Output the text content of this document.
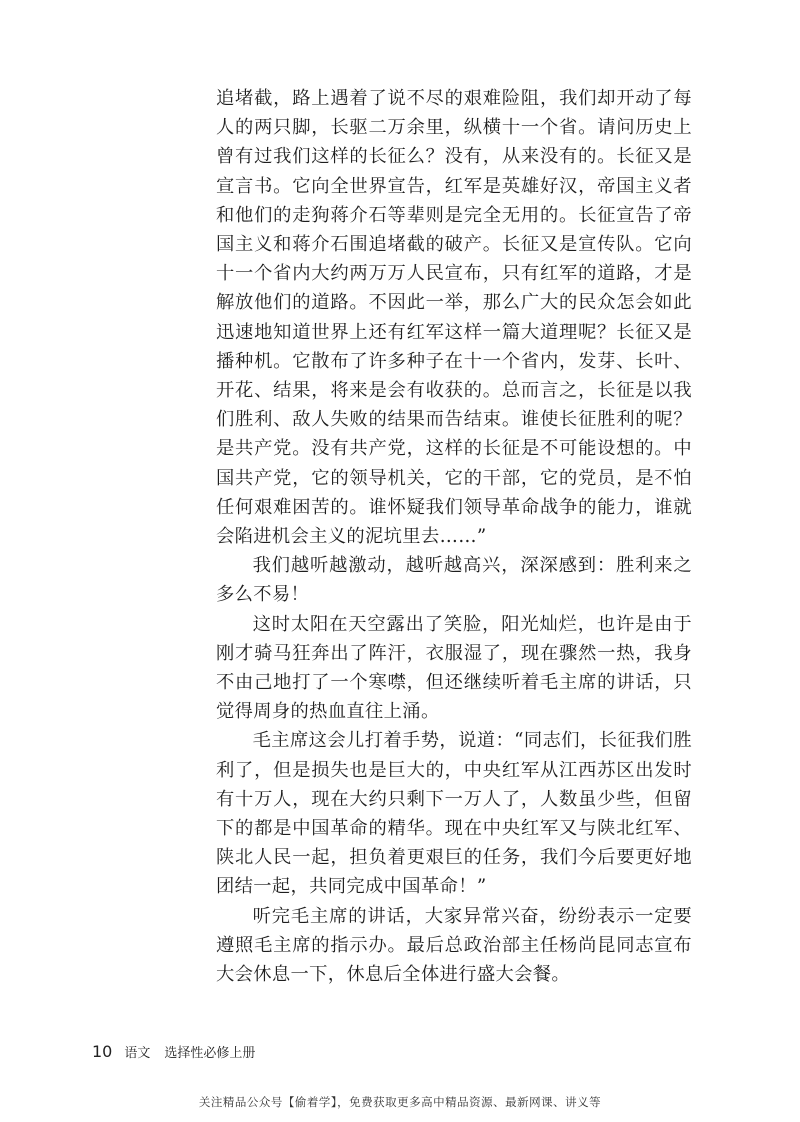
追堵截，路上遇着了说不尽的艰难险阻，我们却开动了每人的两只脚，长驱二万余里，纵横十一个省。请问历史上曾有过我们这样的长征么？没有，从来没有的。长征又是宣言书。它向全世界宣告，红军是英雄好汉，帝国主义者和他们的走狗蒋介石等辈则是完全无用的。长征宣告了帝国主义和蒋介石围追堵截的破产。长征又是宣传队。它向十一个省内大约两万万人民宣布，只有红军的道路，才是解放他们的道路。不因此一举，那么广大的民众怎会如此迅速地知道世界上还有红军这样一篇大道理呢？长征又是播种机。它散布了许多种子在十一个省内，发芽、长叶、开花、结果，将来是会有收获的。总而言之，长征是以我们胜利、敌人失败的结果而告结束。谁使长征胜利的呢？是共产党。没有共产党，这样的长征是不可能设想的。中国共产党，它的领导机关，它的干部，它的党员，是不怕任何艰难困苦的。谁怀疑我们领导革命战争的能力，谁就会陷进机会主义的泥坑里去……”

我们越听越激动，越听越高兴，深深感到：胜利来之多么不易！

这时太阳在天空露出了笑脸，阳光灿烂，也许是由于刚才骑马狂奔出了阵汗，衣服湿了，现在骤然一热，我身不由己地打了一个寒噤，但还继续听着毛主席的讲话，只觉得周身的热血直往上涌。

毛主席这会儿打着手势，说道：“同志们，长征我们胜利了，但是损失也是巨大的，中央红军从江西苏区出发时有十万人，现在大约只剩下一万人了，人数虽少些，但留下的都是中国革命的精华。现在中央红军又与陕北红军、陕北人民一起，担负着更艰巨的任务，我们今后要更好地团结一起，共同完成中国革命！”

听完毛主席的讲话，大家异常兴奋，纷纷表示一定要遵照毛主席的指示办。最后总政治部主任杨尚昆同志宣布大会休息一下，休息后全体进行盛大会餐。

10 语文 选择性必修上册
关注精品公众号【偷着学】，免费获取更多高中精品资源、最新网课、讲义等
